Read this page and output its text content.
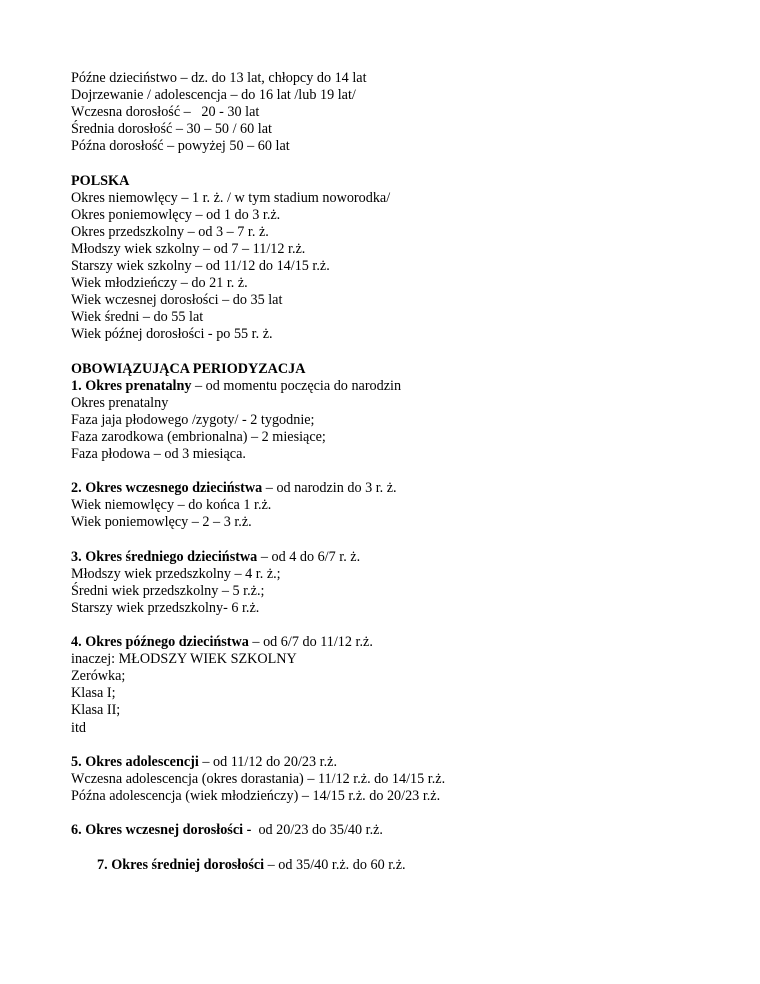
Późne dzieciństwo – dz. do 13 lat, chłopcy do 14 lat
Dojrzewanie / adolescencja – do 16 lat /lub 19 lat/
Wczesna dorosłość –   20 - 30 lat
Średnia dorosłość – 30 – 50 / 60 lat
Późna dorosłość – powyżej 50 – 60 lat
POLSKA
Okres niemowlęcy – 1 r. ż. / w tym stadium noworodka/
Okres poniemowlęcy – od 1 do 3 r.ż.
Okres przedszkolny – od 3 – 7 r. ż.
Młodszy wiek szkolny – od 7 – 11/12 r.ż.
Starszy wiek szkolny – od 11/12 do 14/15 r.ż.
Wiek młodzieńczy – do 21 r. ż.
Wiek wczesnej dorosłości – do 35 lat
Wiek średni – do 55 lat
Wiek późnej dorosłości - po 55 r. ż.
OBOWIĄZUJĄCA PERIODYZACJA
1. Okres prenatalny – od momentu poczęcia do narodzin
Okres prenatalny
Faza jaja płodowego /zygoty/ - 2 tygodnie;
Faza zarodkowa (embrionalna) – 2 miesiące;
Faza płodowa – od 3 miesiąca.
2. Okres wczesnego dzieciństwa – od narodzin do 3 r. ż.
Wiek niemowlęcy – do końca 1 r.ż.
Wiek poniemowlęcy – 2 – 3 r.ż.
3. Okres średniego dzieciństwa – od 4 do 6/7 r. ż.
Młodszy wiek przedszkolny – 4 r. ż.;
Średni wiek przedszkolny – 5 r.ż.;
Starszy wiek przedszkolny- 6 r.ż.
4. Okres późnego dzieciństwa – od 6/7 do 11/12 r.ż.
inaczej: MŁODSZY WIEK SZKOLNY
Zerówka;
Klasa I;
Klasa II;
itd
5. Okres adolescencji – od 11/12 do 20/23 r.ż.
Wczesna adolescencja (okres dorastania) – 11/12 r.ż. do 14/15 r.ż.
Późna adolescencja (wiek młodzieńczy) – 14/15 r.ż. do 20/23 r.ż.
6. Okres wczesnej dorosłości -  od 20/23 do 35/40 r.ż.
7. Okres średniej dorosłości – od 35/40 r.ż. do 60 r.ż.
